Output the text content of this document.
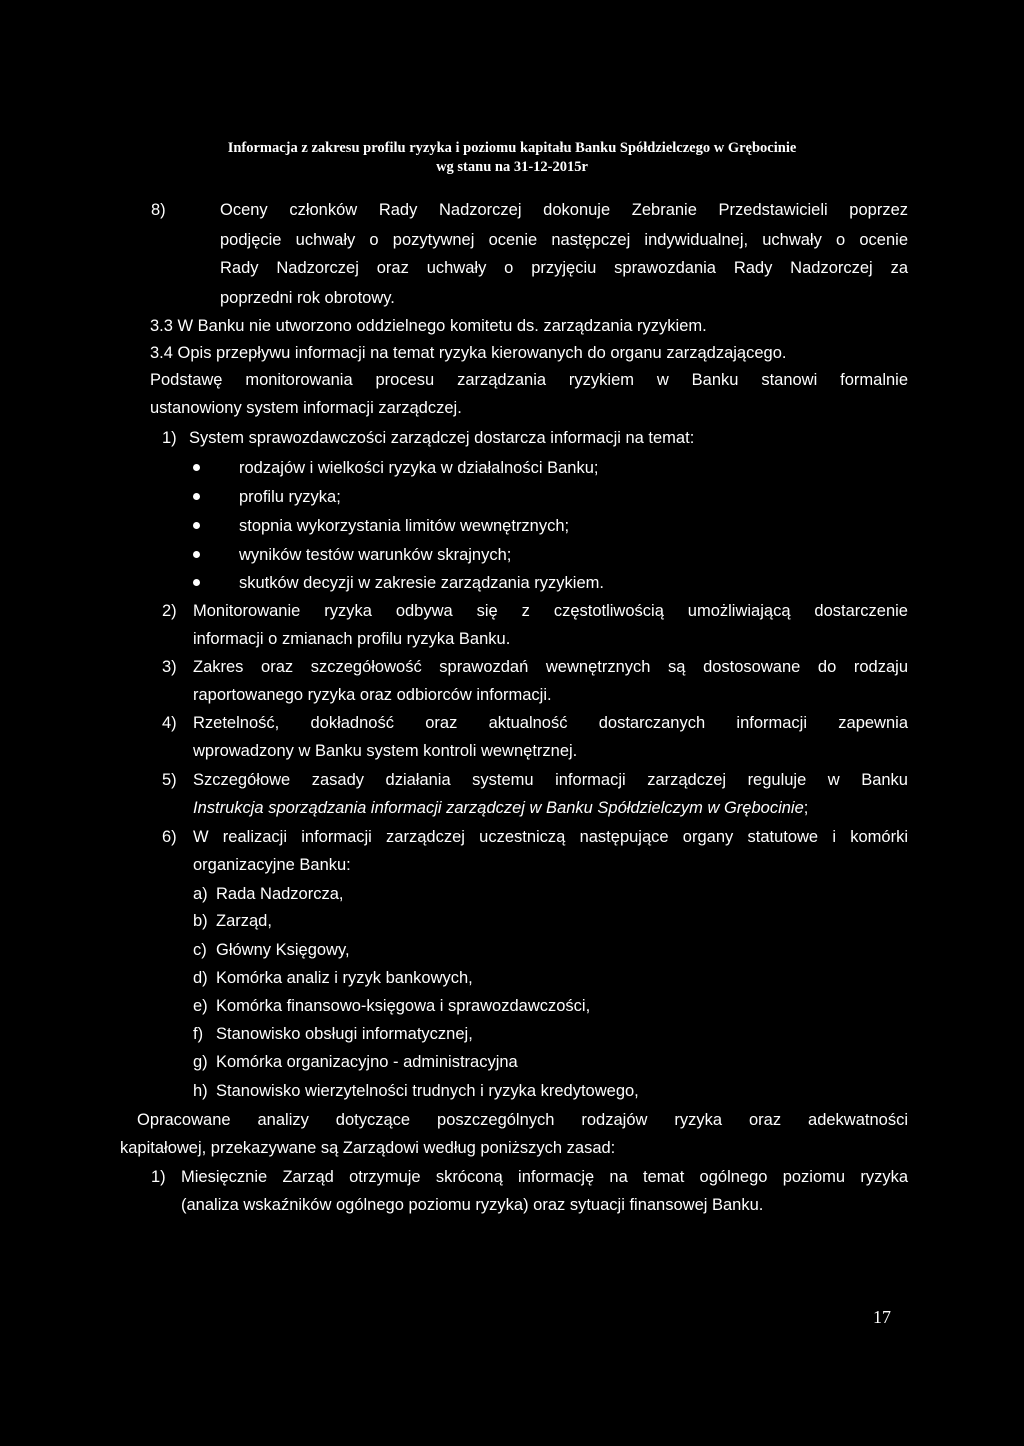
Informacja z zakresu profilu ryzyka i poziomu kapitału Banku Spółdzielczego w Grębocinie
wg stanu na 31-12-2015r
8)	Oceny członków Rady Nadzorczej dokonuje Zebranie Przedstawicieli poprzez
podjęcie uchwały o pozytywnej ocenie następczej indywidualnej, uchwały o ocenie
Rady Nadzorczej oraz uchwały o przyjęciu sprawozdania Rady Nadzorczej za
poprzedni rok obrotowy.
3.3 W Banku nie utworzono oddzielnego komitetu ds. zarządzania ryzykiem.
3.4 Opis przepływu informacji na temat ryzyka kierowanych do organu zarządzającego.
Podstawę monitorowania procesu zarządzania ryzykiem w Banku stanowi formalnie
ustanowiony system informacji zarządczej.
1) System sprawozdawczości zarządczej dostarcza informacji na temat:
rodzajów i wielkości ryzyka w działalności Banku;
profilu ryzyka;
stopnia wykorzystania limitów wewnętrznych;
wyników testów warunków skrajnych;
skutków decyzji w zakresie zarządzania ryzykiem.
2) Monitorowanie ryzyka odbywa się z częstotliwością umożliwiającą dostarczenie
informacji o zmianach profilu ryzyka Banku.
3) Zakres oraz szczegółowość sprawozdań wewnętrznych są dostosowane do rodzaju
raportowanego ryzyka oraz odbiorców informacji.
4) Rzetelność, dokładność oraz aktualność dostarczanych informacji zapewnia
wprowadzony w Banku system kontroli wewnętrznej.
5) Szczegółowe zasady działania systemu informacji zarządczej reguluje w Banku
Instrukcja sporządzania informacji zarządczej w Banku Spółdzielczym w Grębocinie;
6) W realizacji informacji zarządczej uczestniczą następujące organy statutowe i komórki
organizacyjne Banku:
a) Rada Nadzorcza,
b) Zarząd,
c) Główny Księgowy,
d) Komórka analiz i ryzyk bankowych,
e) Komórka finansowo-księgowa i sprawozdawczości,
f) Stanowisko obsługi informatycznej,
g) Komórka organizacyjno - administracyjna
h) Stanowisko wierzytelności trudnych i ryzyka kredytowego,
Opracowane analizy dotyczące poszczególnych rodzajów ryzyka oraz adekwatności
kapitałowej, przekazywane są Zarządowi według poniższych zasad:
1) Miesięcznie Zarząd otrzymuje skróconą informację na temat ogólnego poziomu ryzyka
(analiza wskaźników ogólnego poziomu ryzyka) oraz sytuacji finansowej Banku.
17
